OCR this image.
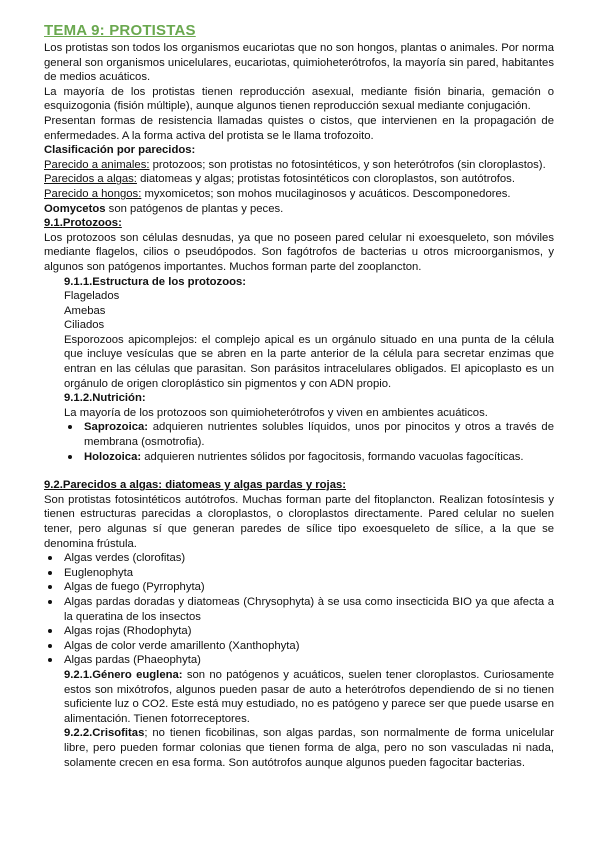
TEMA 9: PROTISTAS

Los protistas son todos los organismos eucariotas que no son hongos, plantas o animales. Por norma general son organismos unicelulares, eucariotas, quimioheterótrofos, la mayoría sin pared, habitantes de medios acuáticos.

La mayoría de los protistas tienen reproducción asexual, mediante fisión binaria, gemación o esquizogonia (fisión múltiple), aunque algunos tienen reproducción sexual mediante conjugación.

Presentan formas de resistencia llamadas quistes o cistos, que intervienen en la propagación de enfermedades. A la forma activa del protista se le llama trofozoito.

Clasificación por parecidos:

Parecido a animales: protozoos; son protistas no fotosintéticos, y son heterótrofos (sin cloroplastos).

Parecidos a algas: diatomeas y algas; protistas fotosintéticos con cloroplastos, son autótrofos.

Parecido a hongos: myxomicetos; son mohos mucilaginosos y acuáticos. Descomponedores.

Oomycetos son patógenos de plantas y peces.

9.1.Protozoos:

Los protozoos son células desnudas, ya que no poseen pared celular ni exoesqueleto, son móviles mediante flagelos, cilios o pseudópodos. Son fagótrofos de bacterias u otros microorganismos, y algunos son patógenos importantes. Muchos forman parte del zooplancton.

9.1.1.Estructura de los protozoos:
Flagelados
Amebas
Ciliados

Esporozoos apicomplejos: el complejo apical es un orgánulo situado en una punta de la célula que incluye vesículas que se abren en la parte anterior de la célula para secretar enzimas que entran en las células que parasitan. Son parásitos intracelulares obligados. El apicoplasto es un orgánulo de origen cloroplástico sin pigmentos y con ADN propio.

9.1.2.Nutrición:

La mayoría de los protozoos son quimioheterótrofos y viven en ambientes acuáticos.

Saprozoica: adquieren nutrientes solubles líquidos, unos por pinocitos y otros a través de membrana (osmotrofia).
Holozoica: adquieren nutrientes sólidos por fagocitosis, formando vacuolas fagocíticas.
9.2.Parecidos a algas: diatomeas y algas pardas y rojas:

Son protistas fotosintéticos autótrofos. Muchas forman parte del fitoplancton. Realizan fotosíntesis y tienen estructuras parecidas a cloroplastos, o cloroplastos directamente. Pared celular no suelen tener, pero algunas sí que generan paredes de sílice tipo exoesqueleto de sílice, a la que se denomina frústula.

Algas verdes (clorofitas)
Euglenophyta
Algas de fuego (Pyrrophyta)
Algas pardas doradas y diatomeas (Chrysophyta) à se usa como insecticida BIO ya que afecta a la queratina de los insectos
Algas rojas (Rhodophyta)
Algas de color verde amarillento (Xanthophyta)
Algas pardas (Phaeophyta)

9.2.1.Género euglena: son no patógenos y acuáticos, suelen tener cloroplastos. Curiosamente estos son mixótrofos, algunos pueden pasar de auto a heterótrofos dependiendo de si no tienen suficiente luz o CO2. Este está muy estudiado, no es patógeno y parece ser que puede usarse en alimentación. Tienen fotorreceptores.

9.2.2.Crisofitas; no tienen ficobilinas, son algas pardas, son normalmente de forma unicelular libre, pero pueden formar colonias que tienen forma de alga, pero no son vasculadas ni nada, solamente crecen en esa forma. Son autótrofos aunque algunos pueden fagocitar bacterias.
